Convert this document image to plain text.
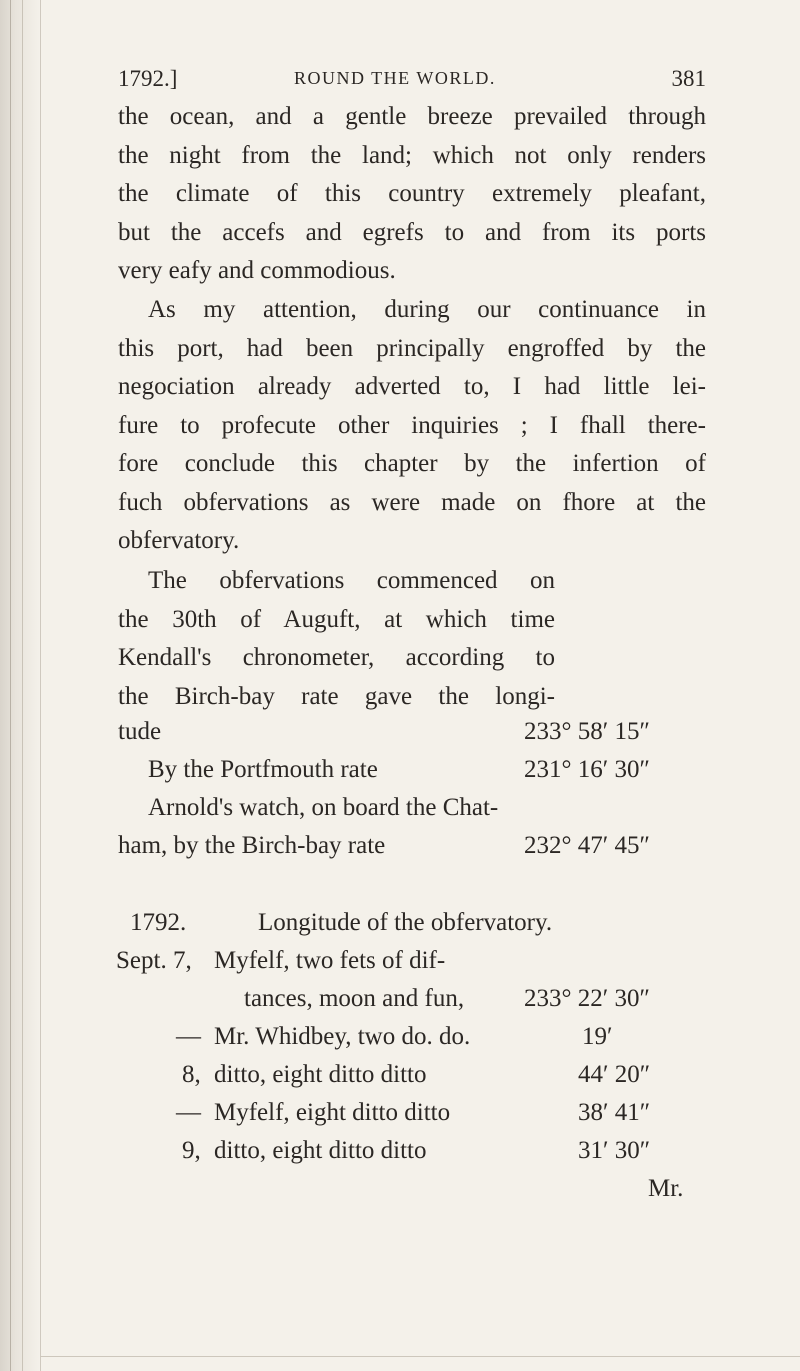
1792.]	ROUND THE WORLD.	381
the ocean, and a gentle breeze prevailed through
the night from the land; which not only renders
the climate of this country extremely pleafant,
but the accefs and egrefs to and from its ports
very eafy and commodious.
As my attention, during our continuance in
this port, had been principally engroffed by the
negociation already adverted to, I had little lei-
fure to profecute other inquiries ; I fhall there-
fore conclude this chapter by the infertion of
fuch obfervations as were made on fhore at the
obfervatory.
The obfervations commenced on
the 30th of Auguft, at which time
Kendall's chronometer, according to
the Birch-bay rate gave the longi-
tude	233° 58′ 15″
By the Portfmouth rate	231° 16′ 30″
Arnold's watch, on board the Chat-
ham, by the Birch-bay rate	232° 47′ 45″
1792.	Longitude of the obfervatory.
Sept. 7, Myfelf, two fets of dif-
tances, moon and fun, 233° 22′ 30″
— Mr. Whidbey, two do. do.	19′
8, ditto, eight ditto ditto	44′ 20″
— Myfelf, eight ditto ditto	38′ 41″
9, ditto, eight ditto ditto	31′ 30″
Mr.
